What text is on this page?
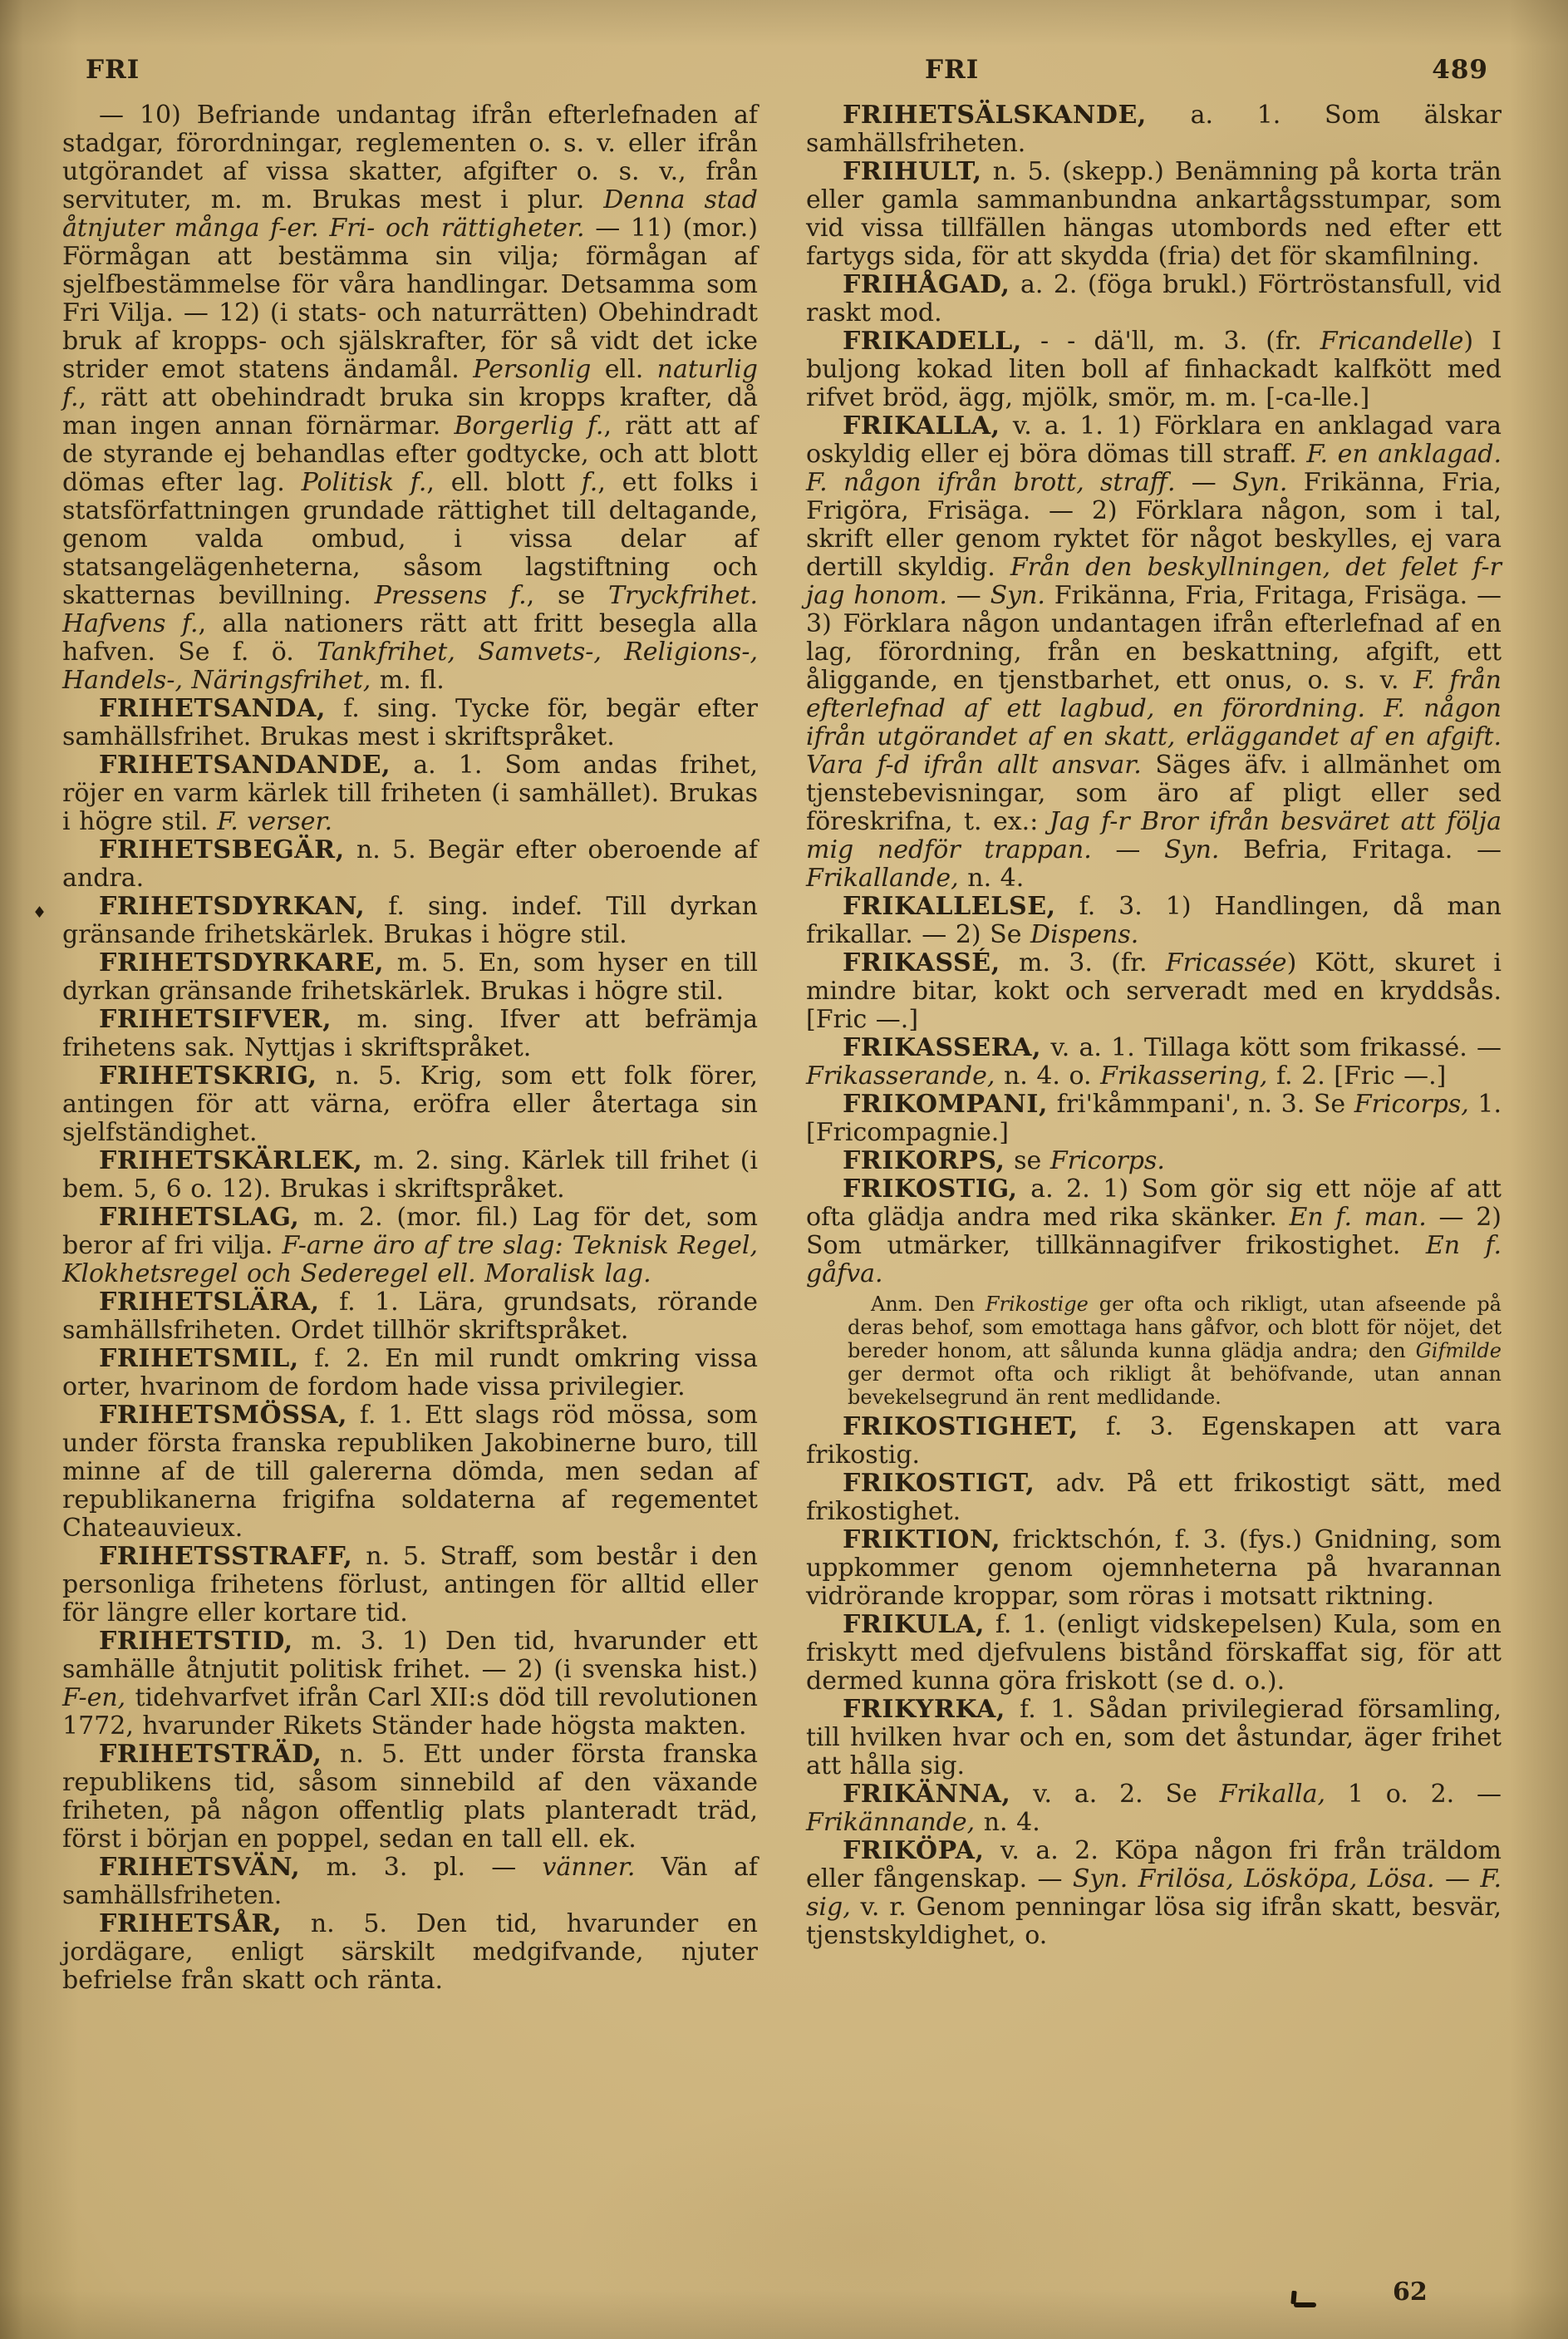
FRI	FRI	489

— 10) Befriande undantag ifrån efterlefnaden af stadgar, förordningar, reglementen o. s. v. eller ifrån utgörandet af vissa skatter, afgifter o. s. v., från servituter, m. m. Brukas mest i plur. Denna stad åtnjuter många f-er. Fri- och rättigheter. — 11) (mor.) Förmågan att bestämma sin vilja; förmågan af sjelfbestämmelse för våra handlingar. Detsamma som Fri Vilja. — 12) (i stats- och naturrätten) Obehindradt bruk af kropps- och själskrafter, för så vidt det icke strider emot statens ändamål. Personlig ell. naturlig f., rätt att obehindradt bruka sin kropps krafter, då man ingen annan förnärmar. Borgerlig f., rätt att af de styrande ej behandlas efter godtycke, och att blott dömas efter lag. Politisk f., ell. blott f., ett folks i statsförfattningen grundade rättighet till deltagande, genom valda ombud, i vissa delar af statsangelägenheterna, såsom lagstiftning och skatternas bevillning. Pressens f., se Tryckfrihet. Hafvens f., alla nationers rätt att fritt besegla alla hafven. Se f. ö. Tankfrihet, Samvets-, Religions-, Handels-, Näringsfrihet, m. fl.

FRIHETSANDA, f. sing. Tycke för, begär efter samhällsfrihet. Brukas mest i skriftspråket.

FRIHETSANDANDE, a. 1. Som andas frihet, röjer en varm kärlek till friheten (i samhället). Brukas i högre stil. F. verser.

FRIHETSBEGÄR, n. 5. Begär efter oberoende af andra.

♦ FRIHETSDYRKAN, f. sing. indef. Till dyrkan gränsande frihetskärlek. Brukas i högre stil.

FRIHETSDYRKARE, m. 5. En, som hyser en till dyrkan gränsande frihetskärlek. Brukas i högre stil.

FRIHETSIFVER, m. sing. Ifver att befrämja frihetens sak. Nyttjas i skriftspråket.

FRIHETSKRIG, n. 5. Krig, som ett folk förer, antingen för att värna, eröfra eller återtaga sin sjelfständighet.

FRIHETSKÄRLEK, m. 2. sing. Kärlek till frihet (i bem. 5, 6 o. 12). Brukas i skriftspråket.

FRIHETSLAG, m. 2. (mor. fil.) Lag för det, som beror af fri vilja. F-arne äro af tre slag: Teknisk Regel, Klokhetsregel och Sederegel ell. Moralisk lag.

FRIHETSLÄRA, f. 1. Lära, grundsats, rörande samhällsfriheten. Ordet tillhör skriftspråket.

FRIHETSMIL, f. 2. En mil rundt omkring vissa orter, hvarinom de fordom hade vissa privilegier.

FRIHETSMÖSSA, f. 1. Ett slags röd mössa, som under första franska republiken Jakobinerne buro, till minne af de till galererna dömda, men sedan af republikanerna frigifna soldaterna af regementet Chateauvieux.

FRIHETSSTRAFF, n. 5. Straff, som består i den personliga frihetens förlust, antingen för alltid eller för längre eller kortare tid.

FRIHETSTID, m. 3. 1) Den tid, hvarunder ett samhälle åtnjutit politisk frihet. — 2) (i svenska hist.) F-en, tidehvarfvet ifrån Carl XII:s död till revolutionen 1772, hvarunder Rikets Ständer hade högsta makten.

FRIHETSTRÄD, n. 5. Ett under första franska republikens tid, såsom sinnebild af den växande friheten, på någon offentlig plats planteradt träd, först i början en poppel, sedan en tall ell. ek.

FRIHETSVÄN, m. 3. pl. — vänner. Vän af samhällsfriheten.

FRIHETSÅR, n. 5. Den tid, hvarunder en jordägare, enligt särskilt medgifvande, njuter befrielse från skatt och ränta.

FRIHETSÄLSKANDE, a. 1. Som älskar samhällsfriheten.

FRIHULT, n. 5. (skepp.) Benämning på korta trän eller gamla sammanbundna ankartågsstumpar, som vid vissa tillfällen hängas utombords ned efter ett fartygs sida, för att skydda (fria) det för skamfilning.

FRIHÅGAD, a. 2. (föga brukl.) Förtröstansfull, vid raskt mod.

FRIKADELL, - - dä'll, m. 3. (fr. Fricandelle) I buljong kokad liten boll af finhackadt kalfkött med rifvet bröd, ägg, mjölk, smör, m. m. [-ca-lle.]

FRIKALLA, v. a. 1. 1) Förklara en anklagad vara oskyldig eller ej böra dömas till straff. F. en anklagad. F. någon ifrån brott, straff. — Syn. Frikänna, Fria, Frigöra, Frisäga. — 2) Förklara någon, som i tal, skrift eller genom ryktet för något beskylles, ej vara dertill skyldig. Från den beskyllningen, det felet f-r jag honom. — Syn. Frikänna, Fria, Fritaga, Frisäga. — 3) Förklara någon undantagen ifrån efterlefnad af en lag, förordning, från en beskattning, afgift, ett åliggande, en tjenstbarhet, ett onus, o. s. v. F. från efterlefnad af ett lagbud, en förordning. F. någon ifrån utgörandet af en skatt, erläggandet af en afgift. Vara f-d ifrån allt ansvar. Säges äfv. i allmänhet om tjenstebevisningar, som äro af pligt eller sed föreskrifna, t. ex.: Jag f-r Bror ifrån besväret att följa mig nedför trappan. — Syn. Befria, Fritaga. — Frikallande, n. 4.

FRIKALLELSE, f. 3. 1) Handlingen, då man frikallar. — 2) Se Dispens.

FRIKASSÉ, m. 3. (fr. Fricassée) Kött, skuret i mindre bitar, kokt och serveradt med en kryddsås. [Fric —.]

FRIKASSERA, v. a. 1. Tillaga kött som frikassé. — Frikasserande, n. 4. o. Frikassering, f. 2. [Fric —.]

FRIKOMPANI, fri'kåmmpani', n. 3. Se Fricorps, 1. [Fricompagnie.]

FRIKORPS, se Fricorps.

FRIKOSTIG, a. 2. 1) Som gör sig ett nöje af att ofta glädja andra med rika skänker. En f. man. — 2) Som utmärker, tillkännagifver frikostighet. En f. gåfva.

Anm. Den Frikostige ger ofta och rikligt, utan afseende på deras behof, som emottaga hans gåfvor, och blott för nöjet, det bereder honom, att sålunda kunna glädja andra; den Gifmilde ger dermot ofta och rikligt åt behöfvande, utan annan bevekelsegrund än rent medlidande.

FRIKOSTIGHET, f. 3. Egenskapen att vara frikostig.

FRIKOSTIGT, adv. På ett frikostigt sätt, med frikostighet.

FRIKTION, fricktschón, f. 3. (fys.) Gnidning, som uppkommer genom ojemnheterna på hvarannan vidrörande kroppar, som röras i motsatt riktning.

FRIKULA, f. 1. (enligt vidskepelsen) Kula, som en friskytt med djefvulens bistånd förskaffat sig, för att dermed kunna göra friskott (se d. o.).

FRIKYRKA, f. 1. Sådan privilegierad församling, till hvilken hvar och en, som det åstundar, äger frihet att hålla sig.

FRIKÄNNA, v. a. 2. Se Frikalla, 1 o. 2. — Frikännande, n. 4.

FRIKÖPA, v. a. 2. Köpa någon fri från träldom eller fångenskap. — Syn. Frilösa, Lösköpa, Lösa. — F. sig, v. r. Genom penningar lösa sig ifrån skatt, besvär, tjenstskyldighet, o.

62
